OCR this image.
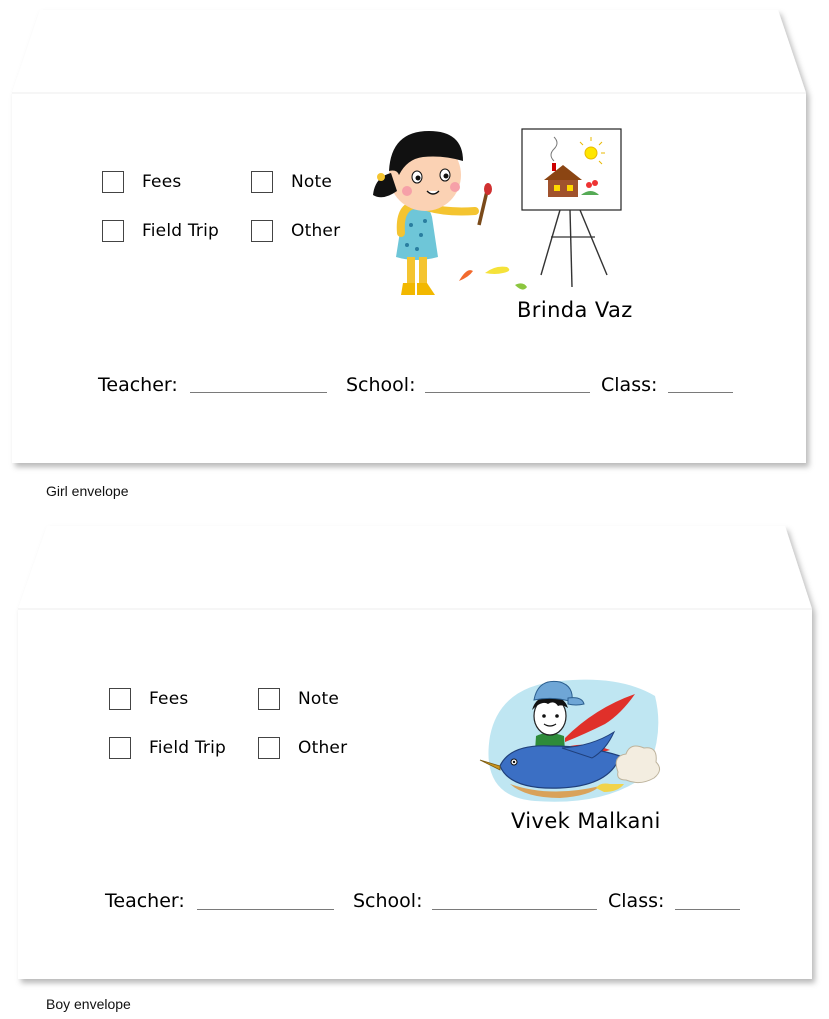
Fees	Note
Field Trip	Other
Brinda Vaz
Teacher:	School:	Class:
Girl envelope
Fees	Note
Field Trip	Other
Vivek Malkani
Teacher:	School:	Class:
Boy envelope
